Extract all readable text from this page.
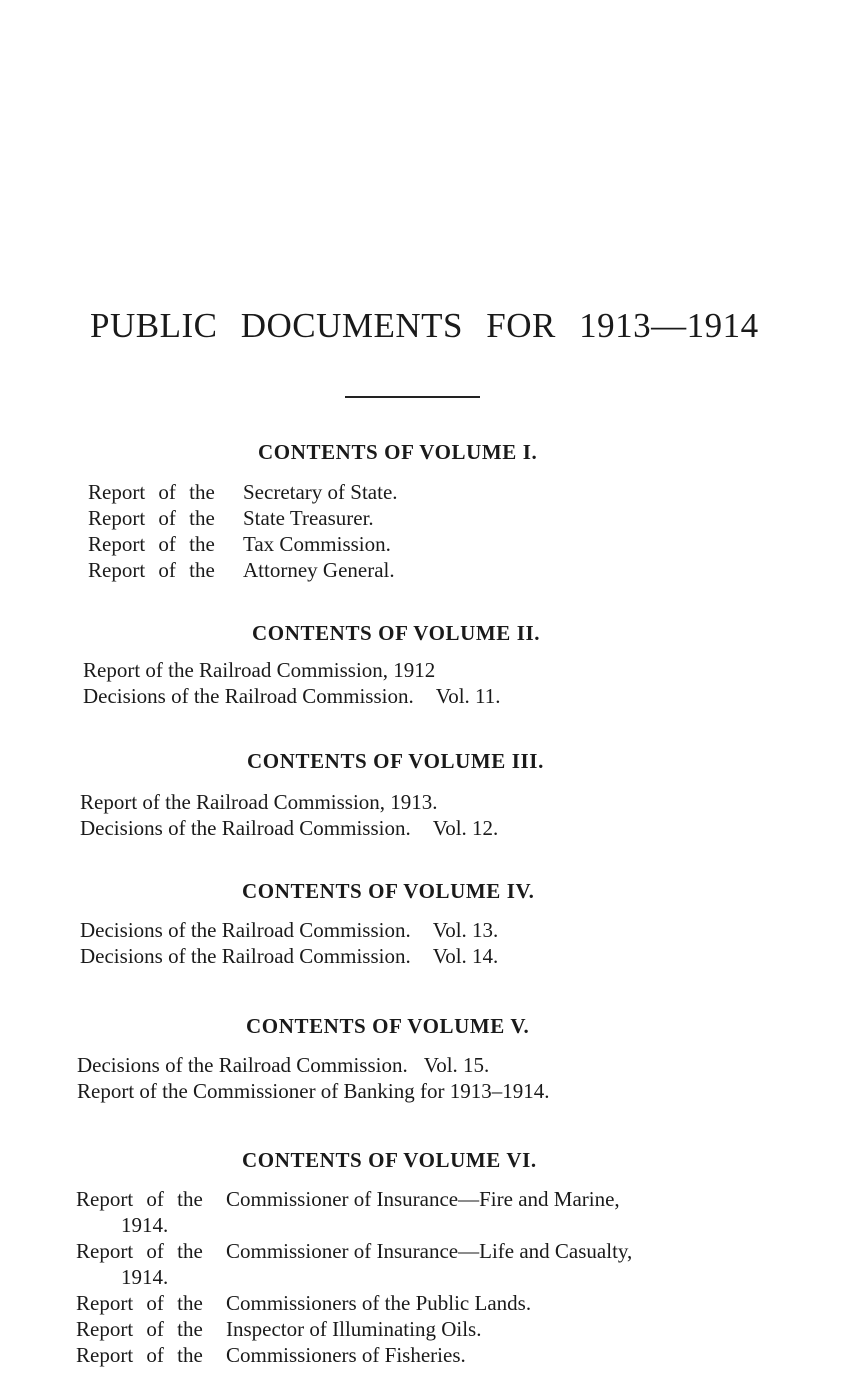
PUBLIC DOCUMENTS FOR 1913—1914
CONTENTS OF VOLUME I.
Report of the Secretary of State.
Report of the State Treasurer.
Report of the Tax Commission.
Report of the Attorney General.
CONTENTS OF VOLUME II.
Report of the Railroad Commission, 1912
Decisions of the Railroad Commission. Vol. 11.
CONTENTS OF VOLUME III.
Report of the Railroad Commission, 1913.
Decisions of the Railroad Commission. Vol. 12.
CONTENTS OF VOLUME IV.
Decisions of the Railroad Commission. Vol. 13.
Decisions of the Railroad Commission. Vol. 14.
CONTENTS OF VOLUME V.
Decisions of the Railroad Commission. Vol. 15.
Report of the Commissioner of Banking for 1913–1914.
CONTENTS OF VOLUME VI.
Report of the Commissioner of Insurance—Fire and Marine,
1914.
Report of the Commissioner of Insurance—Life and Casualty,
1914.
Report of the Commissioners of the Public Lands.
Report of the Inspector of Illuminating Oils.
Report of the Commissioners of Fisheries.
